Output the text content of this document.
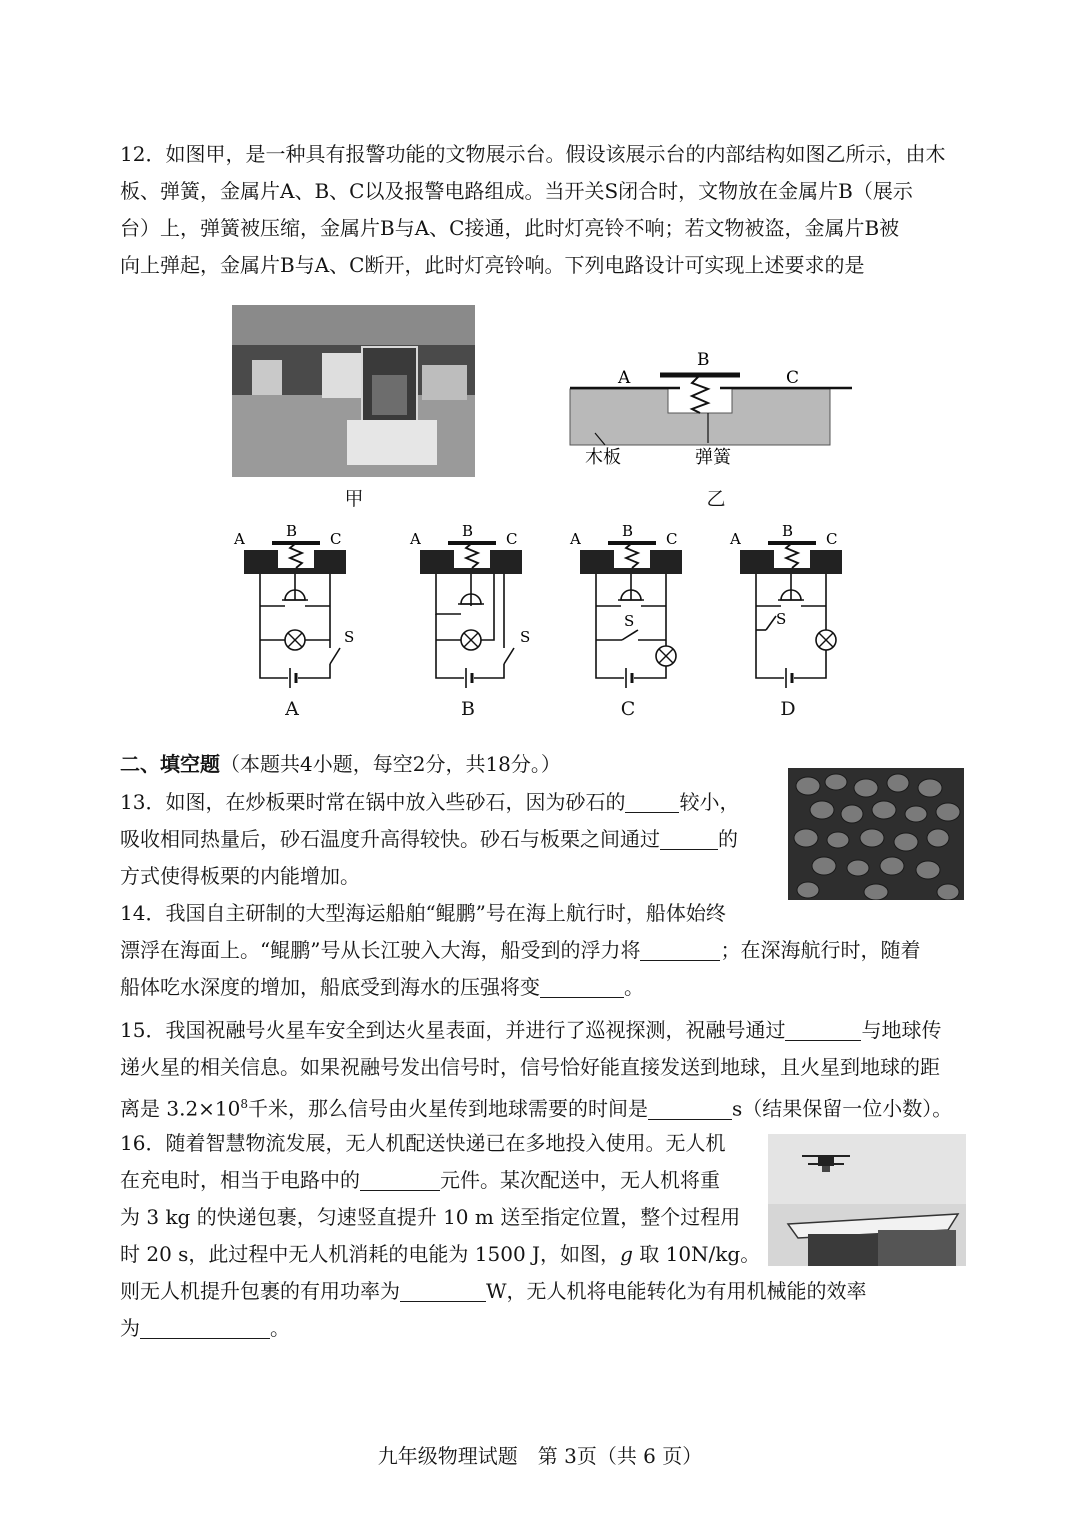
12．如图甲，是一种具有报警功能的文物展示台。假设该展示台的内部结构如图乙所示，由木

板、弹簧，金属片A、B、C以及报警电路组成。当开关S闭合时，文物放在金属片B（展示

台）上，弹簧被压缩，金属片B与A、C接通，此时灯亮铃不响；若文物被盗，金属片B被

向上弹起，金属片B与A、C断开，此时灯亮铃响。下列电路设计可实现上述要求的是

甲
A
B
C
木板	弹簧
乙
A	B C
S
A	B C
S
A	B C
S
A	B C
S
A	B	C	D

二、填空题（本题共4小题，每空2分，共18分。）

13．如图，在炒板栗时常在锅中放入些砂石，因为砂石的	较小，

吸收相同热量后，砂石温度升高得较快。砂石与板栗之间通过	的

方式使得板栗的内能增加。

14．我国自主研制的大型海运船舶“鲲鹏”号在海上航行时，船体始终

漂浮在海面上。“鲲鹏”号从长江驶入大海，船受到的浮力将	；在深海航行时，随着

船体吃水深度的增加，船底受到海水的压强将变	。

15．我国祝融号火星车安全到达火星表面，并进行了巡视探测，祝融号通过	与地球传

递火星的相关信息。如果祝融号发出信号时，信号恰好能直接发送到地球，且火星到地球的距

离是 $3.2\times 10^8$千米，那么信号由火星传到地球需要的时间是	s（结果保留一位小数）。

16．随着智慧物流发展，无人机配送快递已在多地投入使用。无人机

在充电时，相当于电路中的	元件。某次配送中，无人机将重

为 3 kg 的快递包裹，匀速竖直提升 10 m 送至指定位置，整个过程用

时 20 s，此过程中无人机消耗的电能为 1500 J，如图，g 取 10N/kg。

则无人机提升包裹的有用功率为	W，无人机将电能转化为有用机械能的效率

为	。

九年级物理试题　第 3页（共 6 页）
